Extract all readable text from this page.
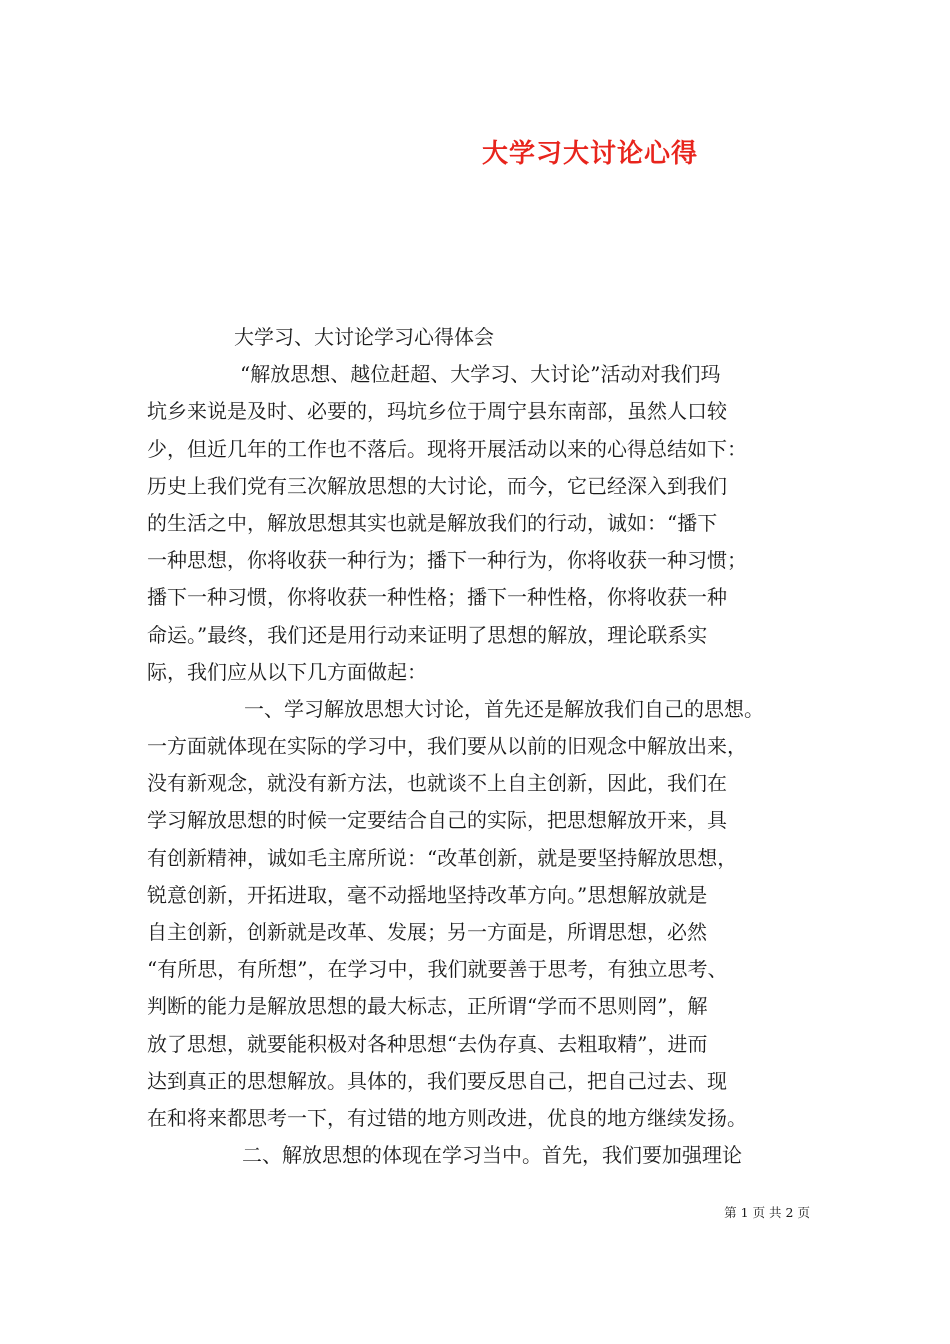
大学习大讨论心得

大学习、大讨论学习心得体会

“解放思想、越位赶超、大学习、大讨论”活动对我们玛

坑乡来说是及时、必要的，玛坑乡位于周宁县东南部，虽然人口较

少，但近几年的工作也不落后。现将开展活动以来的心得总结如下：

历史上我们党有三次解放思想的大讨论，而今，它已经深入到我们

的生活之中，解放思想其实也就是解放我们的行动，诚如：“播下

一种思想，你将收获一种行为；播下一种行为，你将收获一种习惯；

播下一种习惯，你将收获一种性格；播下一种性格，你将收获一种

命运。”最终，我们还是用行动来证明了思想的解放，理论联系实

际，我们应从以下几方面做起：

一、学习解放思想大讨论，首先还是解放我们自己的思想。

一方面就体现在实际的学习中，我们要从以前的旧观念中解放出来，

没有新观念，就没有新方法，也就谈不上自主创新，因此，我们在

学习解放思想的时候一定要结合自己的实际，把思想解放开来，具

有创新精神，诚如毛主席所说：“改革创新，就是要坚持解放思想，

锐意创新，开拓进取，毫不动摇地坚持改革方向。”思想解放就是

自主创新，创新就是改革、发展；另一方面是，所谓思想，必然

“有所思，有所想”，在学习中，我们就要善于思考，有独立思考、

判断的能力是解放思想的最大标志，正所谓“学而不思则罔”，解

放了思想，就要能积极对各种思想“去伪存真、去粗取精”，进而

达到真正的思想解放。具体的，我们要反思自己，把自己过去、现

在和将来都思考一下，有过错的地方则改进，优良的地方继续发扬。

二、解放思想的体现在学习当中。首先，我们要加强理论

第 1 页 共 2 页
